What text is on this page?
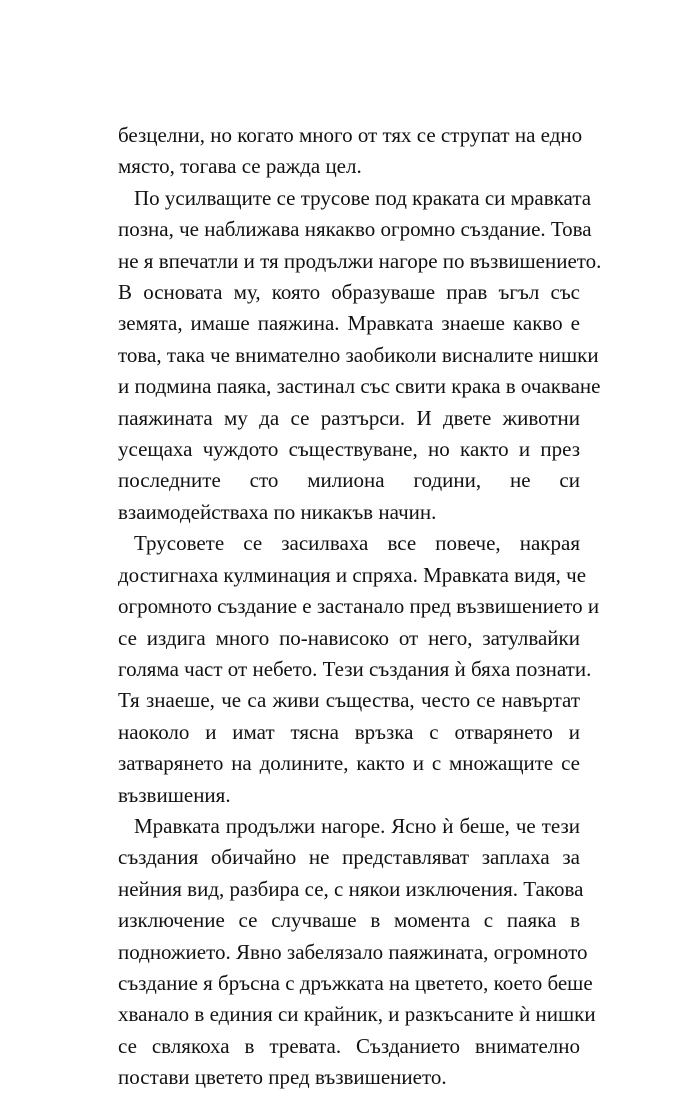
безцелни, но когато много от тях се струпат на едно
място, тогава се ражда цел.
По усилващите се трусове под краката си мравката
позна, че наближава някакво огромно създание. Това
не я впечатли и тя продължи нагоре по възвишението.
В основата му, която образуваше прав ъгъл със
земята, имаше паяжина. Мравката знаеше какво е
това, така че внимателно заобиколи висналите нишки
и подмина паяка, застинал със свити крака в очакване
паяжината му да се разтърси. И двете животни
усещаха чуждото съществуване, но както и през
последните сто милиона години, не си
взаимодействаха по никакъв начин.
Трусовете се засилваха все повече, накрая
достигнаха кулминация и спряха. Мравката видя, че
огромното създание е застанало пред възвишението и
се издига много по-нависоко от него, затулвайки
голяма част от небето. Тези създания ѝ бяха познати.
Тя знаеше, че са живи същества, често се навъртат
наоколо и имат тясна връзка с отварянето и
затварянето на долините, както и с множащите се
възвишения.
Мравката продължи нагоре. Ясно ѝ беше, че тези
създания обичайно не представляват заплаха за
нейния вид, разбира се, с някои изключения. Такова
изключение се случваше в момента с паяка в
подножието. Явно забелязало паяжината, огромното
създание я бръсна с дръжката на цветето, което беше
хванало в единия си крайник, и разкъсаните ѝ нишки
се свлякоха в тревата. Създанието внимателно
постави цветето пред възвишението.
